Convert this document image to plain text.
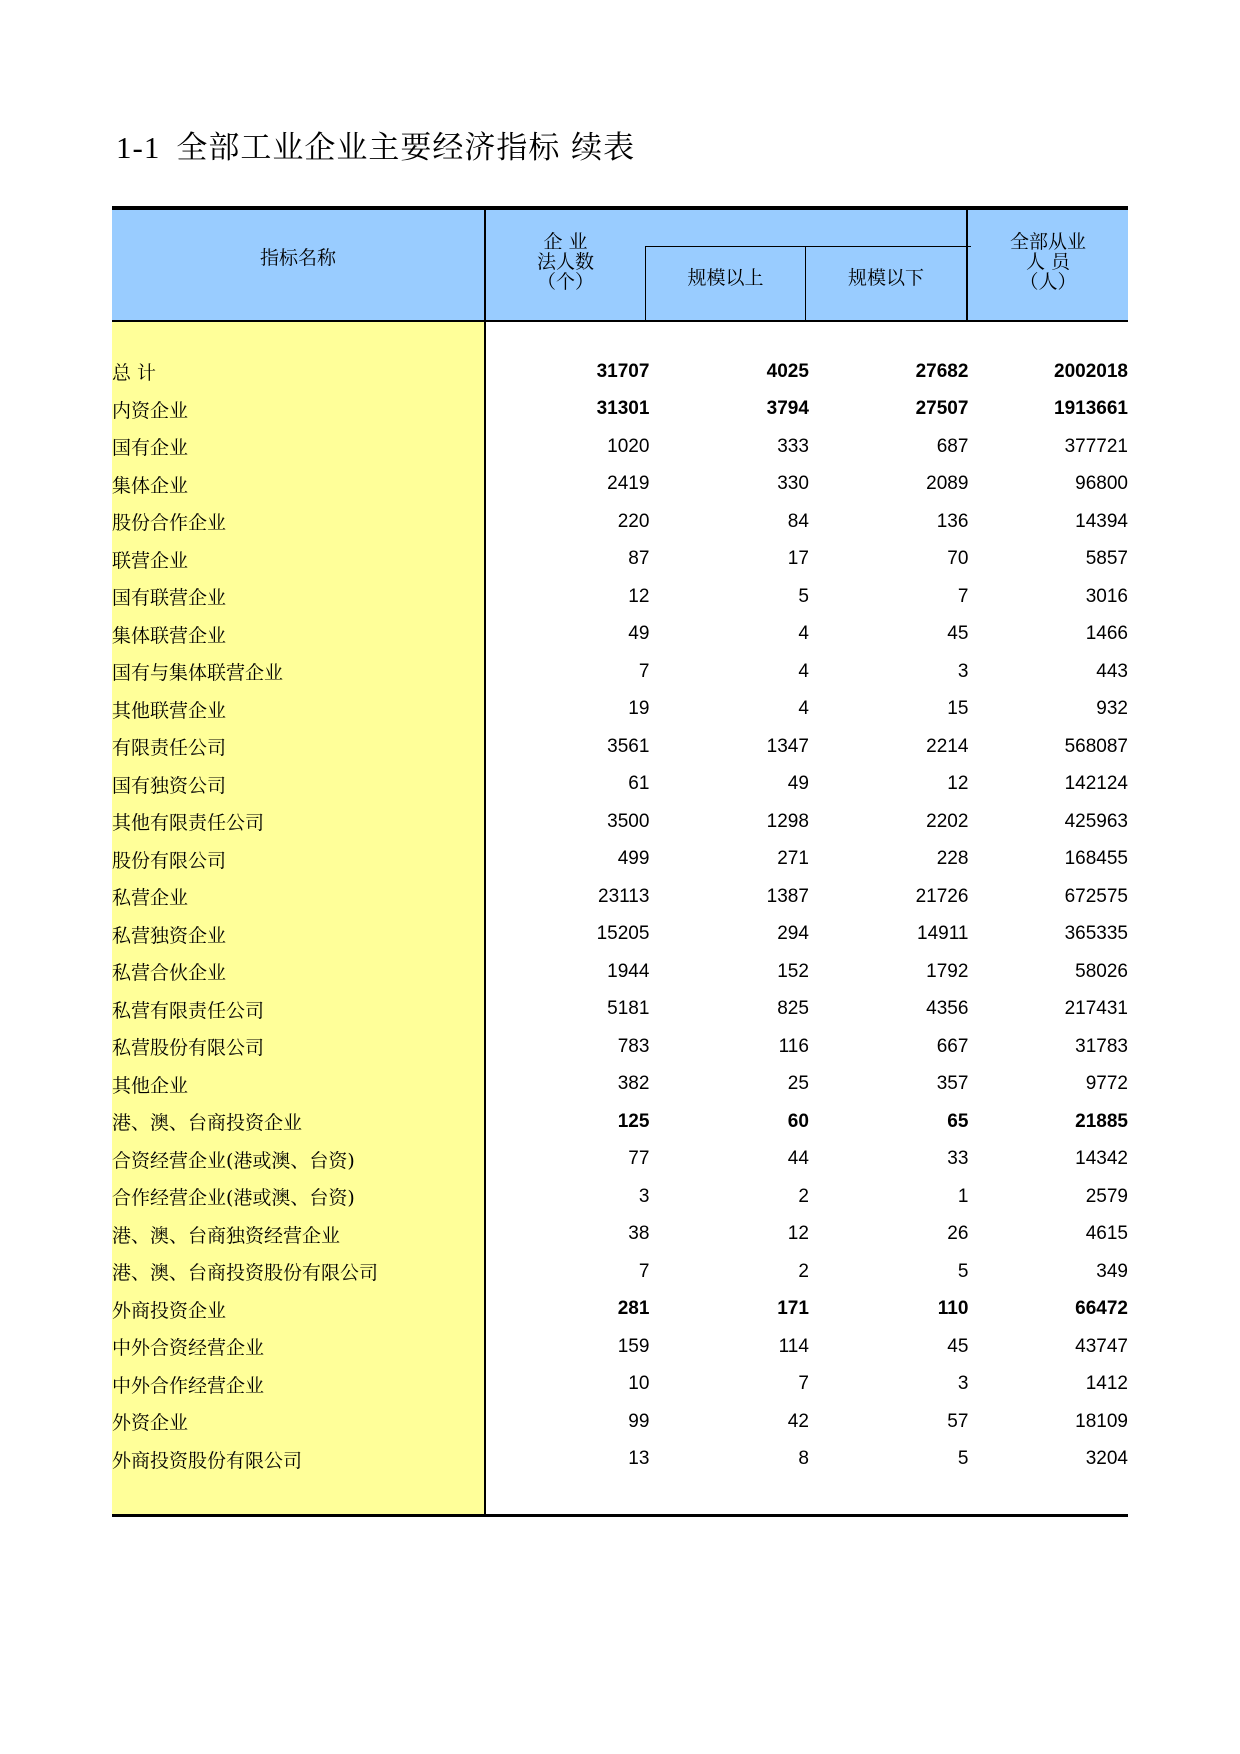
1-1 全部工业企业主要经济指标 续表
指标名称
企 业
法人数
（个）	规模以上	规模以下
全部从业
人 员
（人）
总 计	31707	4025	27682	2002018
内资企业	31301	3794	27507	1913661
国有企业	1020	333	687	377721
集体企业	2419	330	2089	96800
股份合作企业	220	84	136	14394
联营企业	87	17	70	5857
国有联营企业	12	5	7	3016
集体联营企业	49	4	45	1466
国有与集体联营企业	7	4	3	443
其他联营企业	19	4	15	932
有限责任公司	3561	1347	2214	568087
国有独资公司	61	49	12	142124
其他有限责任公司	3500	1298	2202	425963
股份有限公司	499	271	228	168455
私营企业	23113	1387	21726	672575
私营独资企业	15205	294	14911	365335
私营合伙企业	1944	152	1792	58026
私营有限责任公司	5181	825	4356	217431
私营股份有限公司	783	116	667	31783
其他企业	382	25	357	9772
港、澳、台商投资企业	125	60	65	21885
合资经营企业(港或澳、台资)	77	44	33	14342
合作经营企业(港或澳、台资)	3	2	1	2579
港、澳、台商独资经营企业	38	12	26	4615
港、澳、台商投资股份有限公司	7	2	5	349
外商投资企业	281	171	110	66472
中外合资经营企业	159	114	45	43747
中外合作经营企业	10	7	3	1412
外资企业	99	42	57	18109
外商投资股份有限公司	13	8	5	3204
